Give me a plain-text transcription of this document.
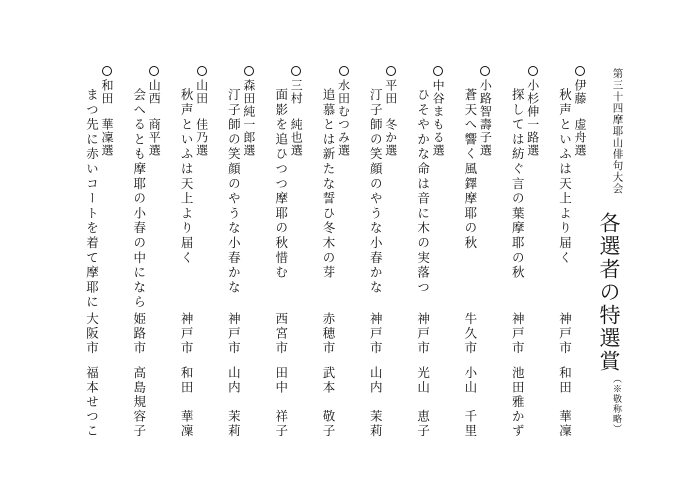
第三十四摩耶山俳句大会
各選者の特選賞
（※敬称略）
伊藤　虚舟選
秋声といふは天上より届く
神戸市
和田　華凜
小杉伸一路選
探しては紡ぐ言の葉摩耶の秋
神戸市
池田雅かず
小路智壽子選
蒼天へ響く風鐸摩耶の秋
牛久市
小山　千里
中谷まもる選
ひそやかな命は音に木の実落つ
神戸市
光山　恵子
平田　冬か選
汀子師の笑顔のやうな小春かな
神戸市
山内　茉莉
水田むつみ選
追慕とは新たな誓ひ冬木の芽
赤穂市
武本　敬子
三村　純也選
面影を追ひつつ摩耶の秋惜む
西宮市
田中　祥子
森田純一郎選
汀子師の笑顔のやうな小春かな
神戸市
山内　茉莉
山田　佳乃選
秋声といふは天上より届く
神戸市
和田　華凜
山西　商平選
会へるとも摩耶の小春の中になら
姫路市
高島規容子
和田　華凜選
まつ先に赤いコートを着て摩耶に
大阪市
福本せつこ
